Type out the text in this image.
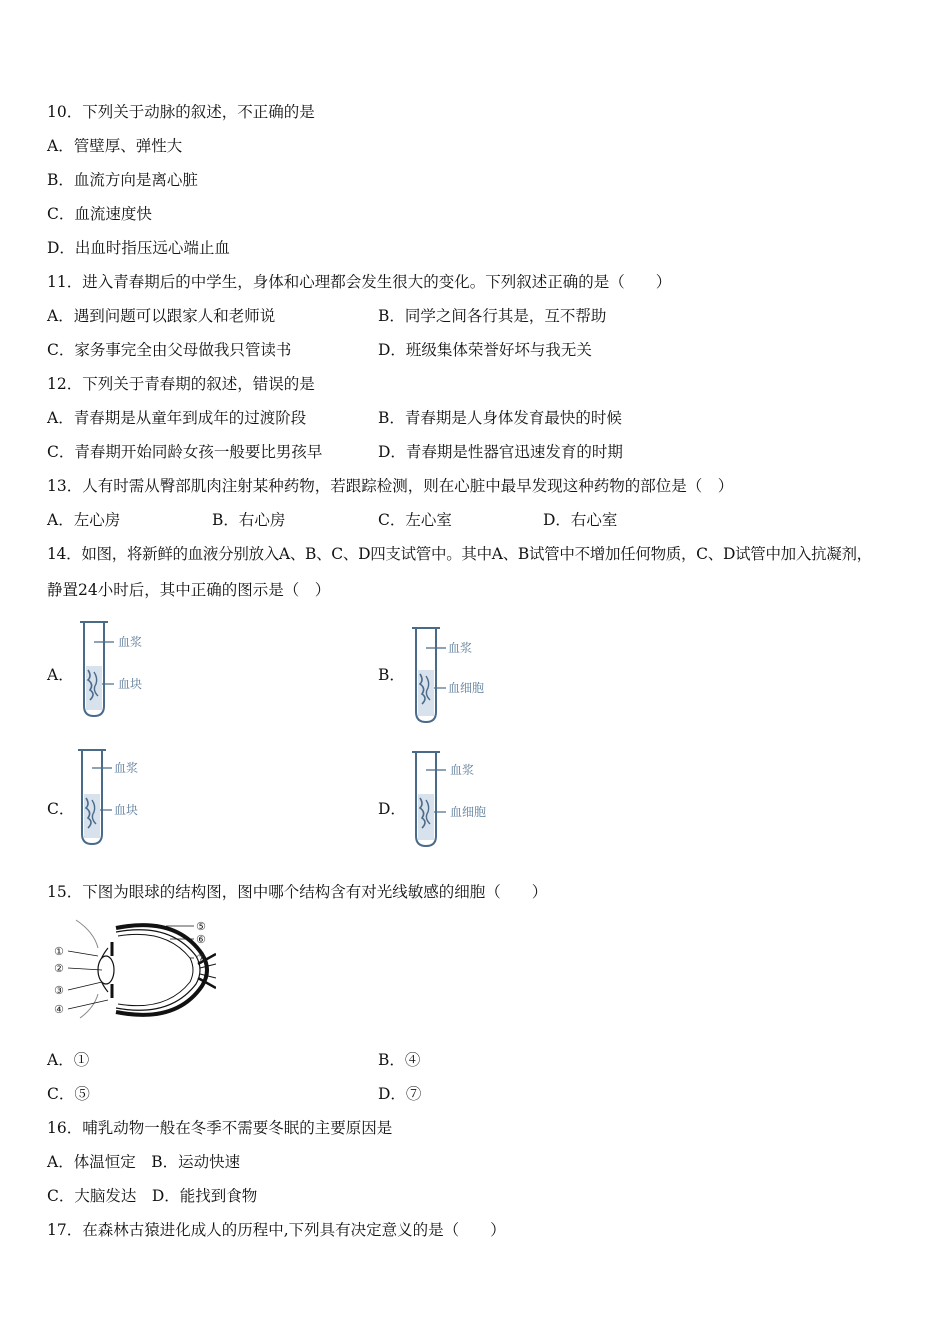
10．下列关于动脉的叙述，不正确的是
A．管壁厚、弹性大
B．血流方向是离心脏
C．血流速度快
D．出血时指压远心端止血
11．进入青春期后的中学生，身体和心理都会发生很大的变化。下列叙述正确的是（　　）
A．遇到问题可以跟家人和老师说	B．同学之间各行其是，互不帮助
C．家务事完全由父母做我只管读书	D．班级集体荣誉好坏与我无关
12．下列关于青春期的叙述，错误的是
A．青春期是从童年到成年的过渡阶段	B．青春期是人身体发育最快的时候
C．青春期开始同龄女孩一般要比男孩早	D．青春期是性器官迅速发育的时期
13．人有时需从臀部肌肉注射某种药物，若跟踪检测，则在心脏中最早发现这种药物的部位是（　）
A．左心房	B．右心房	C．左心室	D．右心室
14．如图，将新鲜的血液分别放入A、B、C、D四支试管中。其中A、B试管中不增加任何物质，C、D试管中加入抗凝剂，
静置24小时后，其中正确的图示是（　）
A．
血浆
血块	B．
血浆
血细胞
C．
血浆
血块	D．
血浆
血细胞
15．下图为眼球的结构图，图中哪个结构含有对光线敏感的细胞（　　）
①
②
③
④
⑤
⑥
⑦
A．①	B．④
C．⑤	D．⑦
16．哺乳动物一般在冬季不需要冬眠的主要原因是
A．体温恒定　B．运动快速
C．大脑发达　D．能找到食物
17．在森林古猿进化成人的历程中,下列具有决定意义的是（　　）
